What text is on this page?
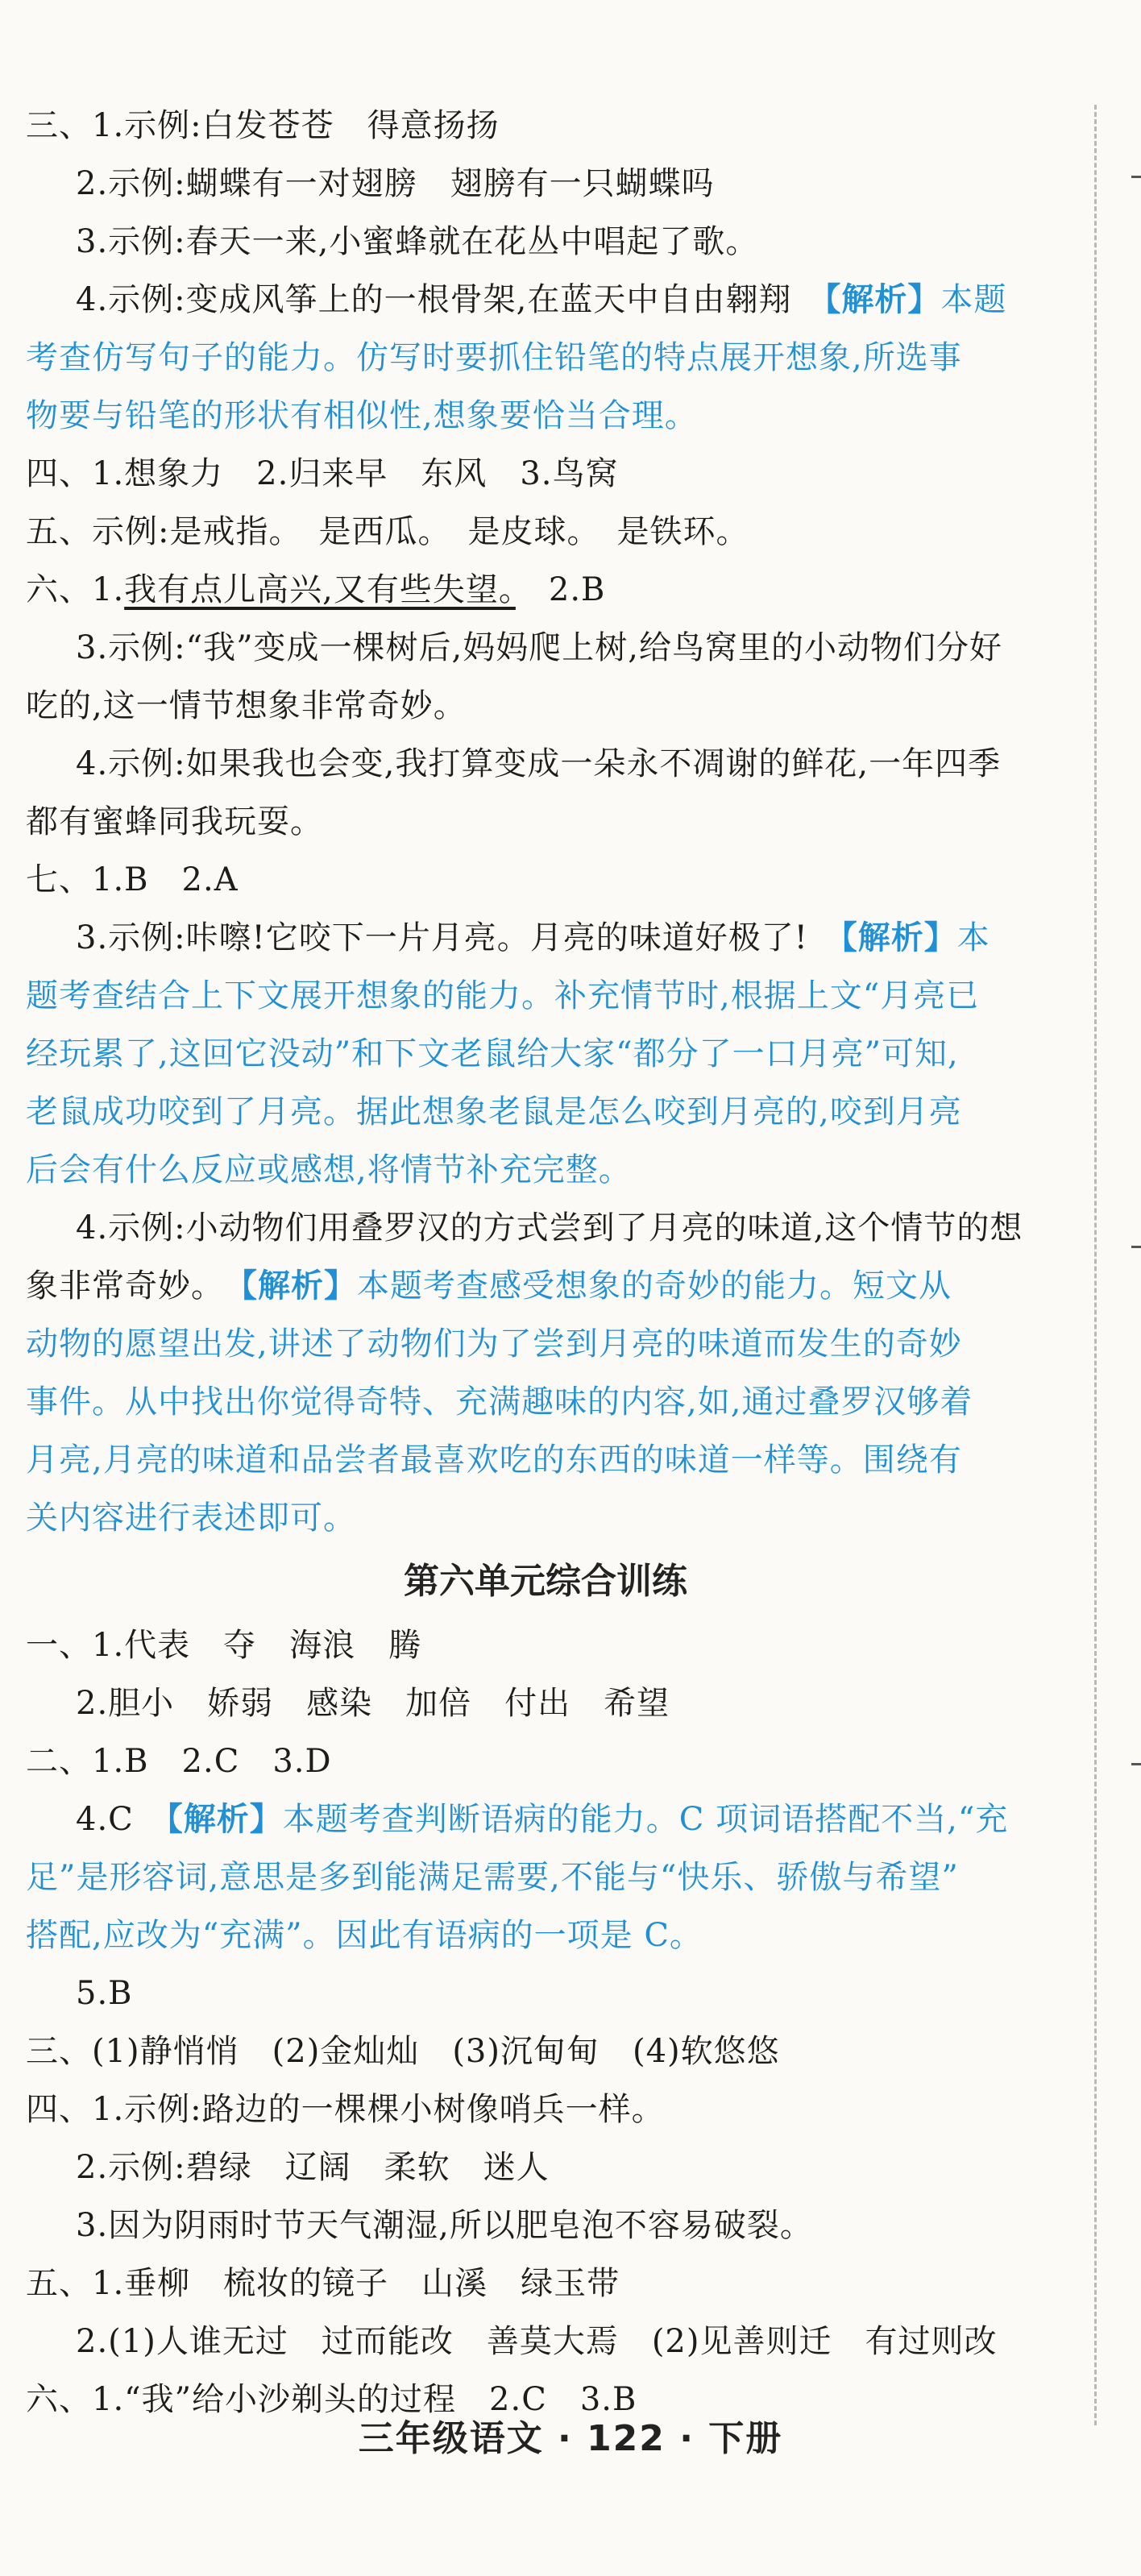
三、1.示例:白发苍苍　得意扬扬
2.示例:蝴蝶有一对翅膀　翅膀有一只蝴蝶吗
3.示例:春天一来,小蜜蜂就在花丛中唱起了歌。
4.示例:变成风筝上的一根骨架,在蓝天中自由翱翔　 【解析】本题
考查仿写句子的能力。仿写时要抓住铅笔的特点展开想象,所选事
物要与铅笔的形状有相似性,想象要恰当合理。
四、1.想象力　2.归来早　东风　3.鸟窝
五、示例:是戒指。　是西瓜。　是皮球。　是铁环。
六、1.我有点儿高兴,又有些失望。　 2.B
3.示例:“我”变成一棵树后,妈妈爬上树,给鸟窝里的小动物们分好
吃的,这一情节想象非常奇妙。
4.示例:如果我也会变,我打算变成一朵永不凋谢的鲜花,一年四季
都有蜜蜂同我玩耍。
七、1.B　2.A
3.示例:咔嚓!它咬下一片月亮。月亮的味道好极了!　 【解析】本
题考查结合上下文展开想象的能力。补充情节时,根据上文“月亮已
经玩累了,这回它没动”和下文老鼠给大家“都分了一口月亮”可知,
老鼠成功咬到了月亮。据此想象老鼠是怎么咬到月亮的,咬到月亮
后会有什么反应或感想,将情节补充完整。
4.示例:小动物们用叠罗汉的方式尝到了月亮的味道,这个情节的想
象非常奇妙。　 【解析】本题考查感受想象的奇妙的能力。短文从
动物的愿望出发,讲述了动物们为了尝到月亮的味道而发生的奇妙
事件。从中找出你觉得奇特、充满趣味的内容,如,通过叠罗汉够着
月亮,月亮的味道和品尝者最喜欢吃的东西的味道一样等。围绕有
关内容进行表述即可。
第六单元综合训练
一、1.代表　夺　海浪　腾
2.胆小　娇弱　感染　加倍　付出　希望
二、1.B　2.C　3.D
4.C　 【解析】本题考查判断语病的能力。C 项词语搭配不当,“充
足”是形容词,意思是多到能满足需要,不能与“快乐、骄傲与希望”
搭配,应改为“充满”。因此有语病的一项是 C。
5.B
三、(1)静悄悄　(2)金灿灿　(3)沉甸甸　(4)软悠悠
四、1.示例:路边的一棵棵小树像哨兵一样。
2.示例:碧绿　辽阔　柔软　迷人
3.因为阴雨时节天气潮湿,所以肥皂泡不容易破裂。
五、1.垂柳　梳妆的镜子　山溪　绿玉带
2.(1)人谁无过　过而能改　善莫大焉　(2)见善则迁　有过则改
六、1.“我”给小沙剃头的过程　2.C　3.B
三年级语文 · 122 · 下册
